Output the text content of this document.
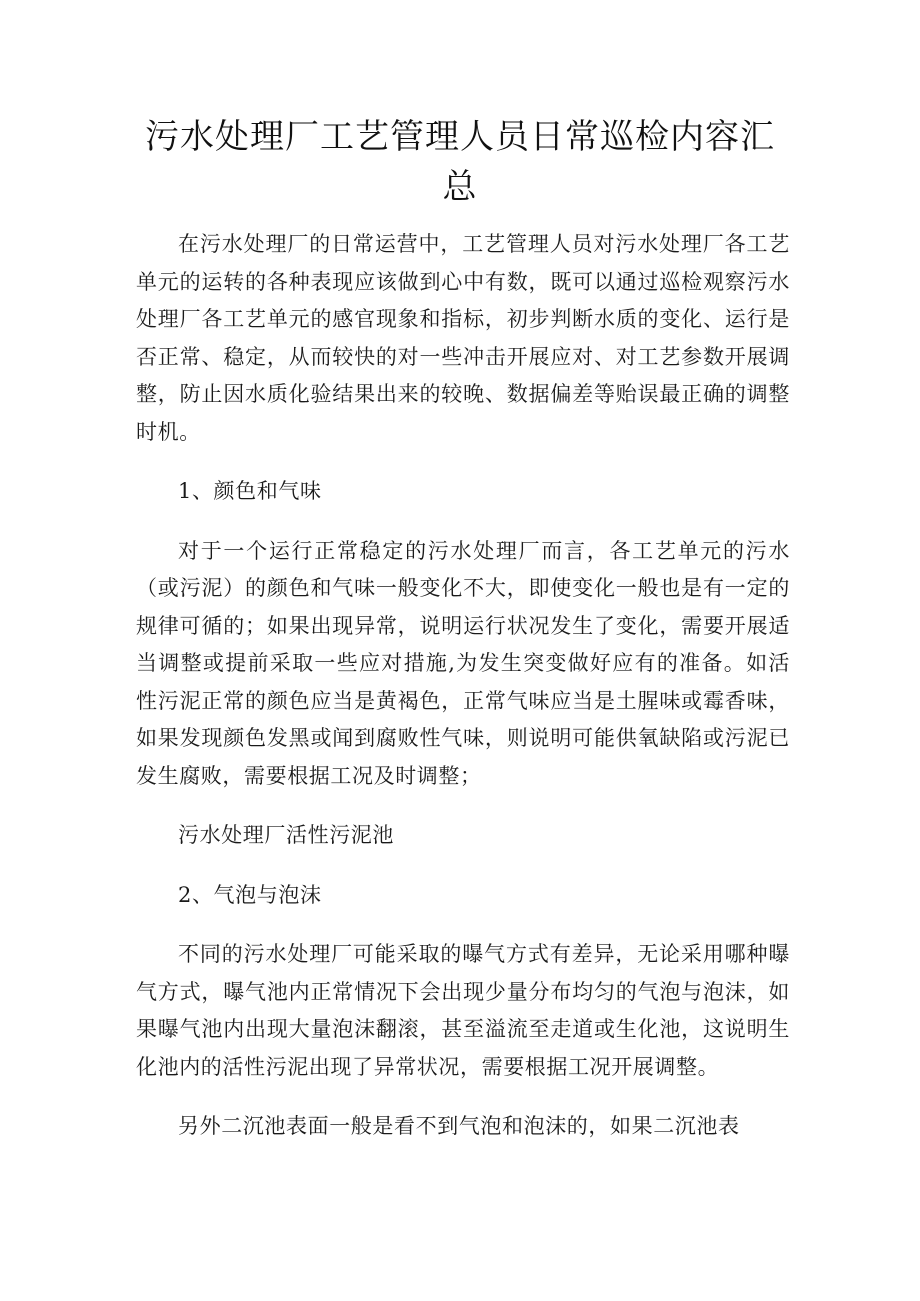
污水处理厂工艺管理人员日常巡检内容汇总

在污水处理厂的日常运营中，工艺管理人员对污水处理厂各工艺单元的运转的各种表现应该做到心中有数，既可以通过巡检观察污水处理厂各工艺单元的感官现象和指标，初步判断水质的变化、运行是否正常、稳定，从而较快的对一些冲击开展应对、对工艺参数开展调整，防止因水质化验结果出来的较晚、数据偏差等贻误最正确的调整时机。

1、颜色和气味

对于一个运行正常稳定的污水处理厂而言，各工艺单元的污水（或污泥）的颜色和气味一般变化不大，即使变化一般也是有一定的规律可循的；如果出现异常，说明运行状况发生了变化，需要开展适当调整或提前采取一些应对措施,为发生突变做好应有的准备。如活性污泥正常的颜色应当是黄褐色，正常气味应当是土腥味或霉香味，如果发现颜色发黑或闻到腐败性气味，则说明可能供氧缺陷或污泥已发生腐败，需要根据工况及时调整；

污水处理厂活性污泥池

2、气泡与泡沫

不同的污水处理厂可能采取的曝气方式有差异，无论采用哪种曝气方式，曝气池内正常情况下会出现少量分布均匀的气泡与泡沫，如果曝气池内出现大量泡沫翻滚，甚至溢流至走道或生化池，这说明生化池内的活性污泥出现了异常状况，需要根据工况开展调整。

另外二沉池表面一般是看不到气泡和泡沫的，如果二沉池表
